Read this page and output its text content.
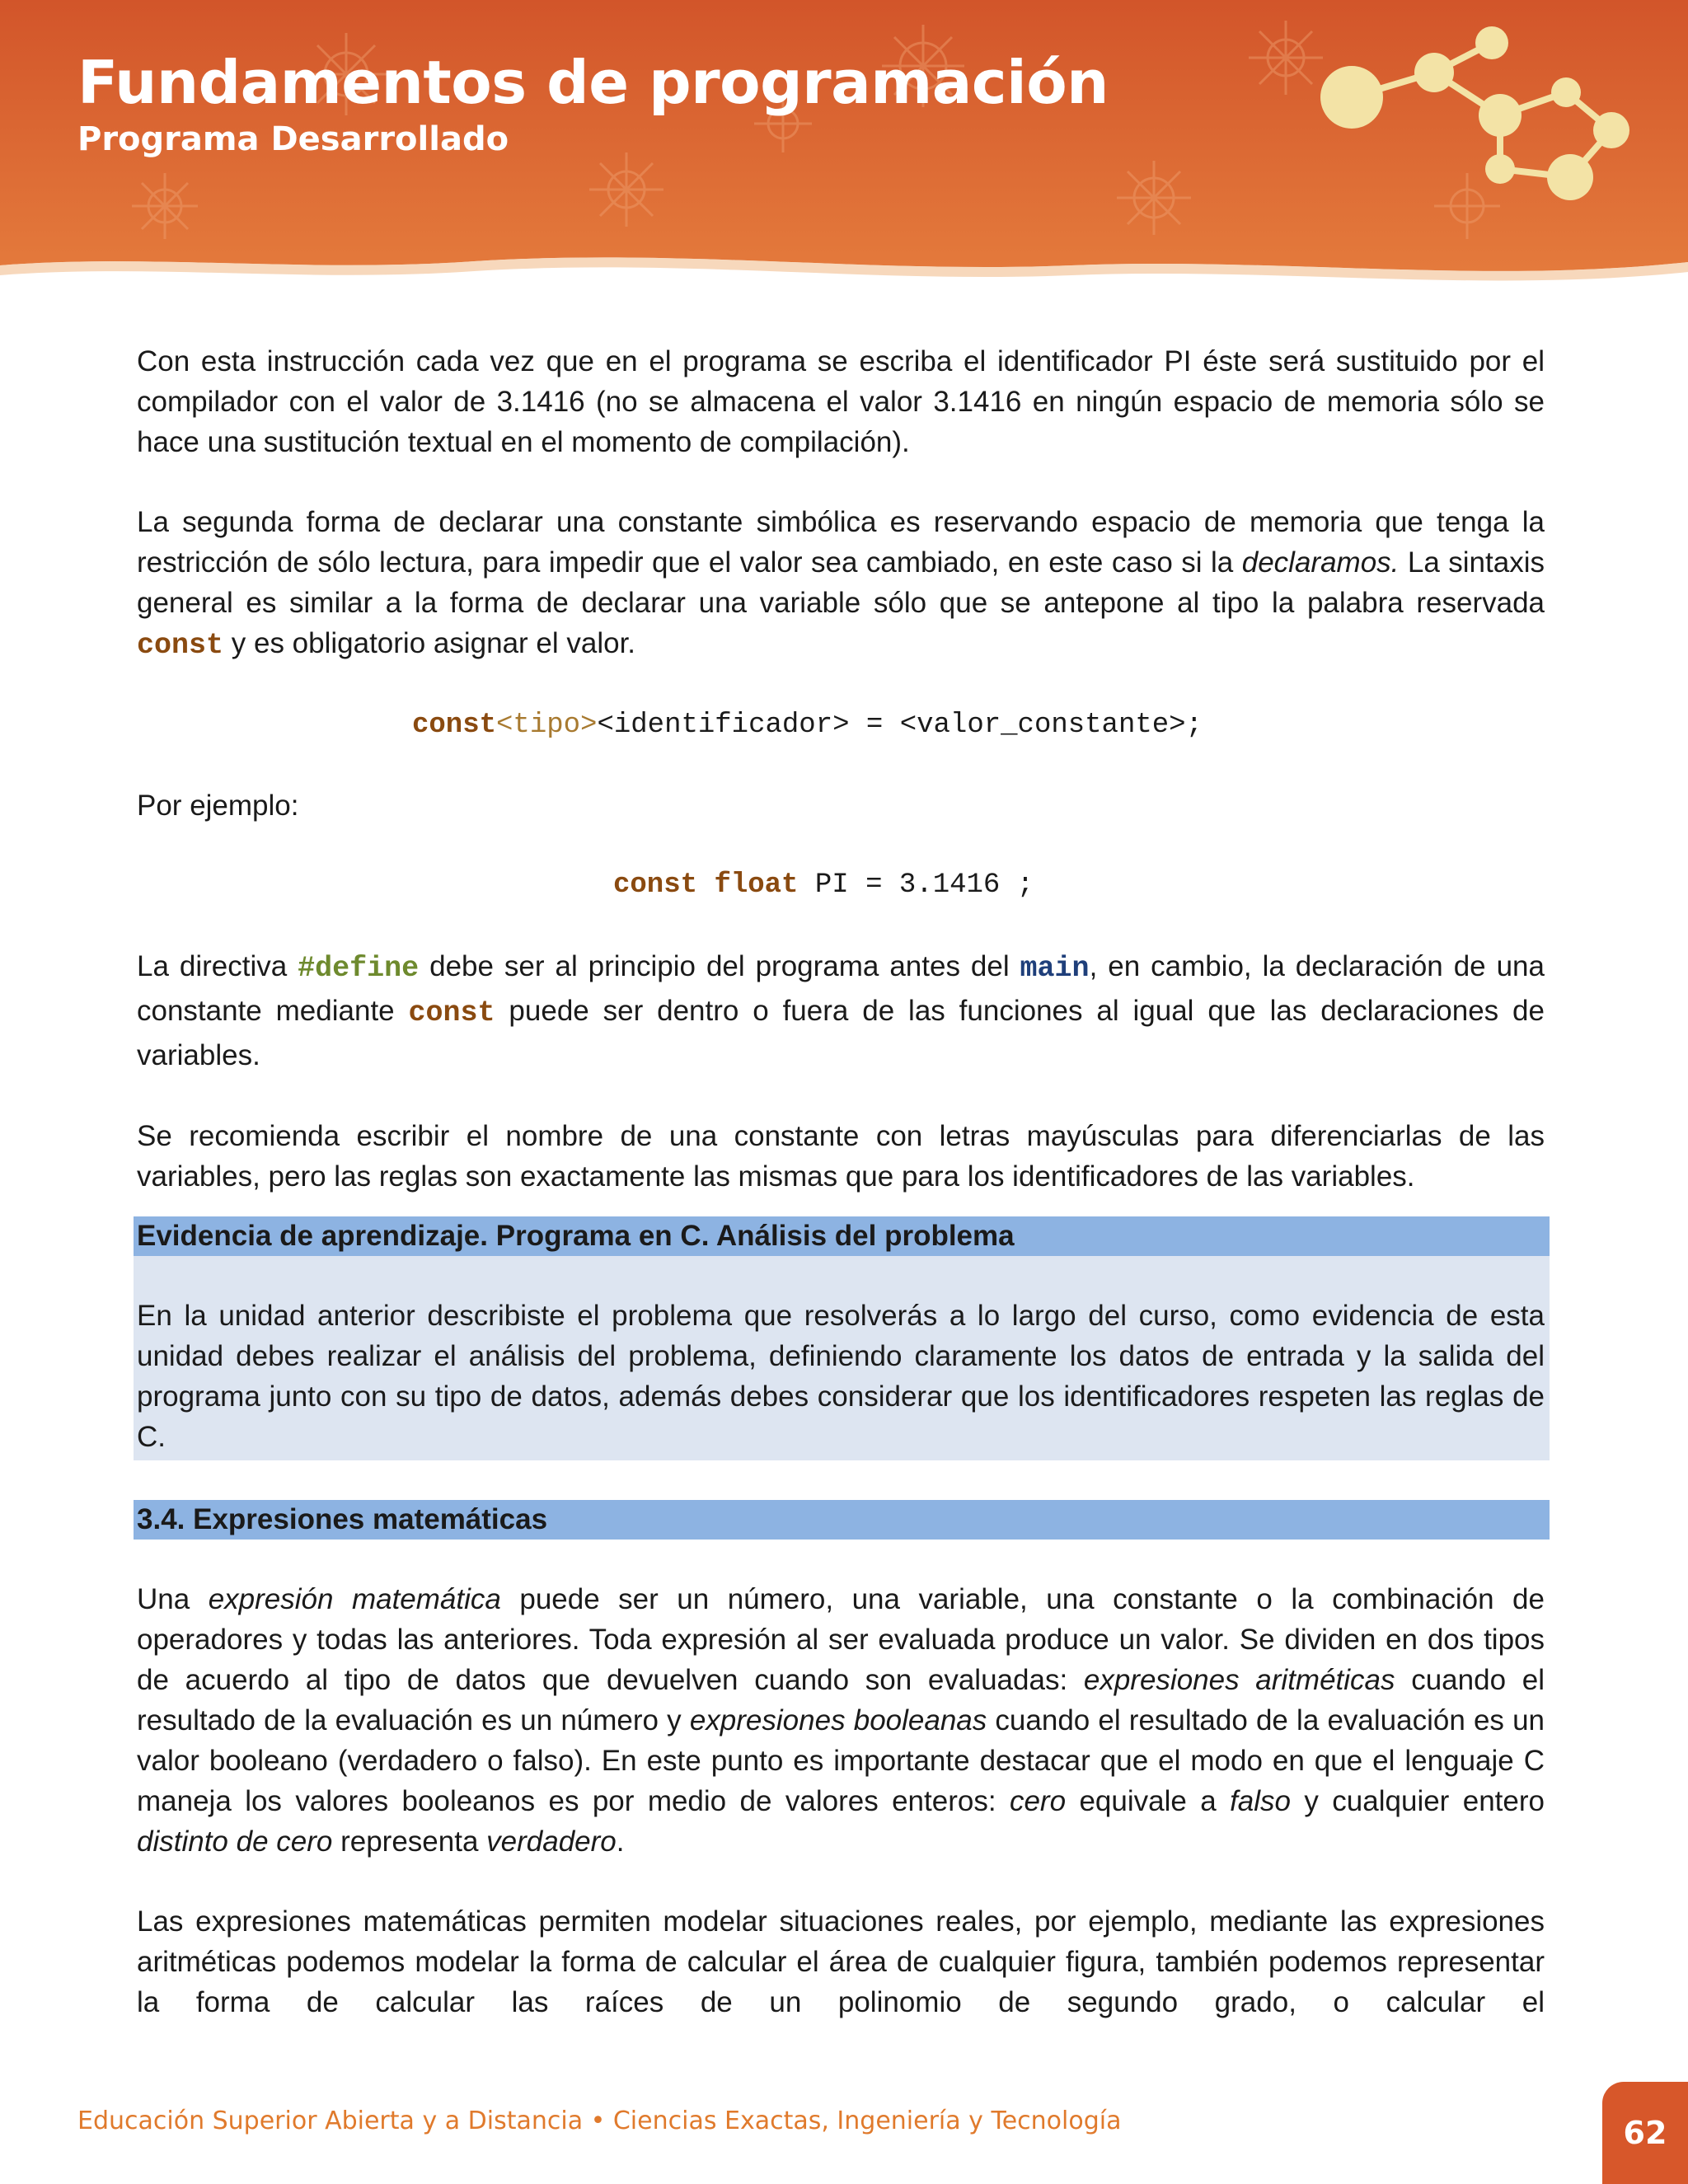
Fundamentos de programación
Programa Desarrollado

Con esta instrucción cada vez que en el programa se escriba el identificador PI éste será sustituido por el compilador con el valor de 3.1416 (no se almacena el valor 3.1416 en ningún espacio de memoria sólo se hace una sustitución textual en el momento de compilación).

La segunda forma de declarar una constante simbólica es reservando espacio de memoria que tenga la restricción de sólo lectura, para impedir que el valor sea cambiado, en este caso si la declaramos. La sintaxis general es similar a la forma de declarar una variable sólo que se antepone al tipo la palabra reservada const y es obligatorio asignar el valor.

const<tipo><identificador> = <valor_constante>;

Por ejemplo:

const float PI = 3.1416 ;

La directiva #define debe ser al principio del programa antes del main, en cambio, la declaración de una constante mediante const puede ser dentro o fuera de las funciones al igual que las declaraciones de variables.

Se recomienda escribir el nombre de una constante con letras mayúsculas para diferenciarlas de las variables, pero las reglas son exactamente las mismas que para los identificadores de las variables.

Evidencia de aprendizaje. Programa en C. Análisis del problema

En la unidad anterior describiste el problema que resolverás a lo largo del curso, como evidencia de esta unidad debes realizar el análisis del problema, definiendo claramente los datos de entrada y la salida del programa junto con su tipo de datos, además debes considerar que los identificadores respeten las reglas de C.

3.4. Expresiones matemáticas

Una expresión matemática puede ser un número, una variable, una constante o la combinación de operadores y todas las anteriores. Toda expresión al ser evaluada produce un valor. Se dividen en dos tipos de acuerdo al tipo de datos que devuelven cuando son evaluadas: expresiones aritméticas cuando el resultado de la evaluación es un número y expresiones booleanas cuando el resultado de la evaluación es un valor booleano (verdadero o falso). En este punto es importante destacar que el modo en que el lenguaje C maneja los valores booleanos es por medio de valores enteros: cero equivale a falso y cualquier entero distinto de cero representa verdadero.

Las expresiones matemáticas permiten modelar situaciones reales, por ejemplo, mediante las expresiones aritméticas podemos modelar la forma de calcular el área de cualquier figura, también podemos representar la forma de calcular las raíces de un polinomio de segundo grado, o calcular el

Educación Superior Abierta y a Distancia • Ciencias Exactas, Ingeniería y Tecnología	62
